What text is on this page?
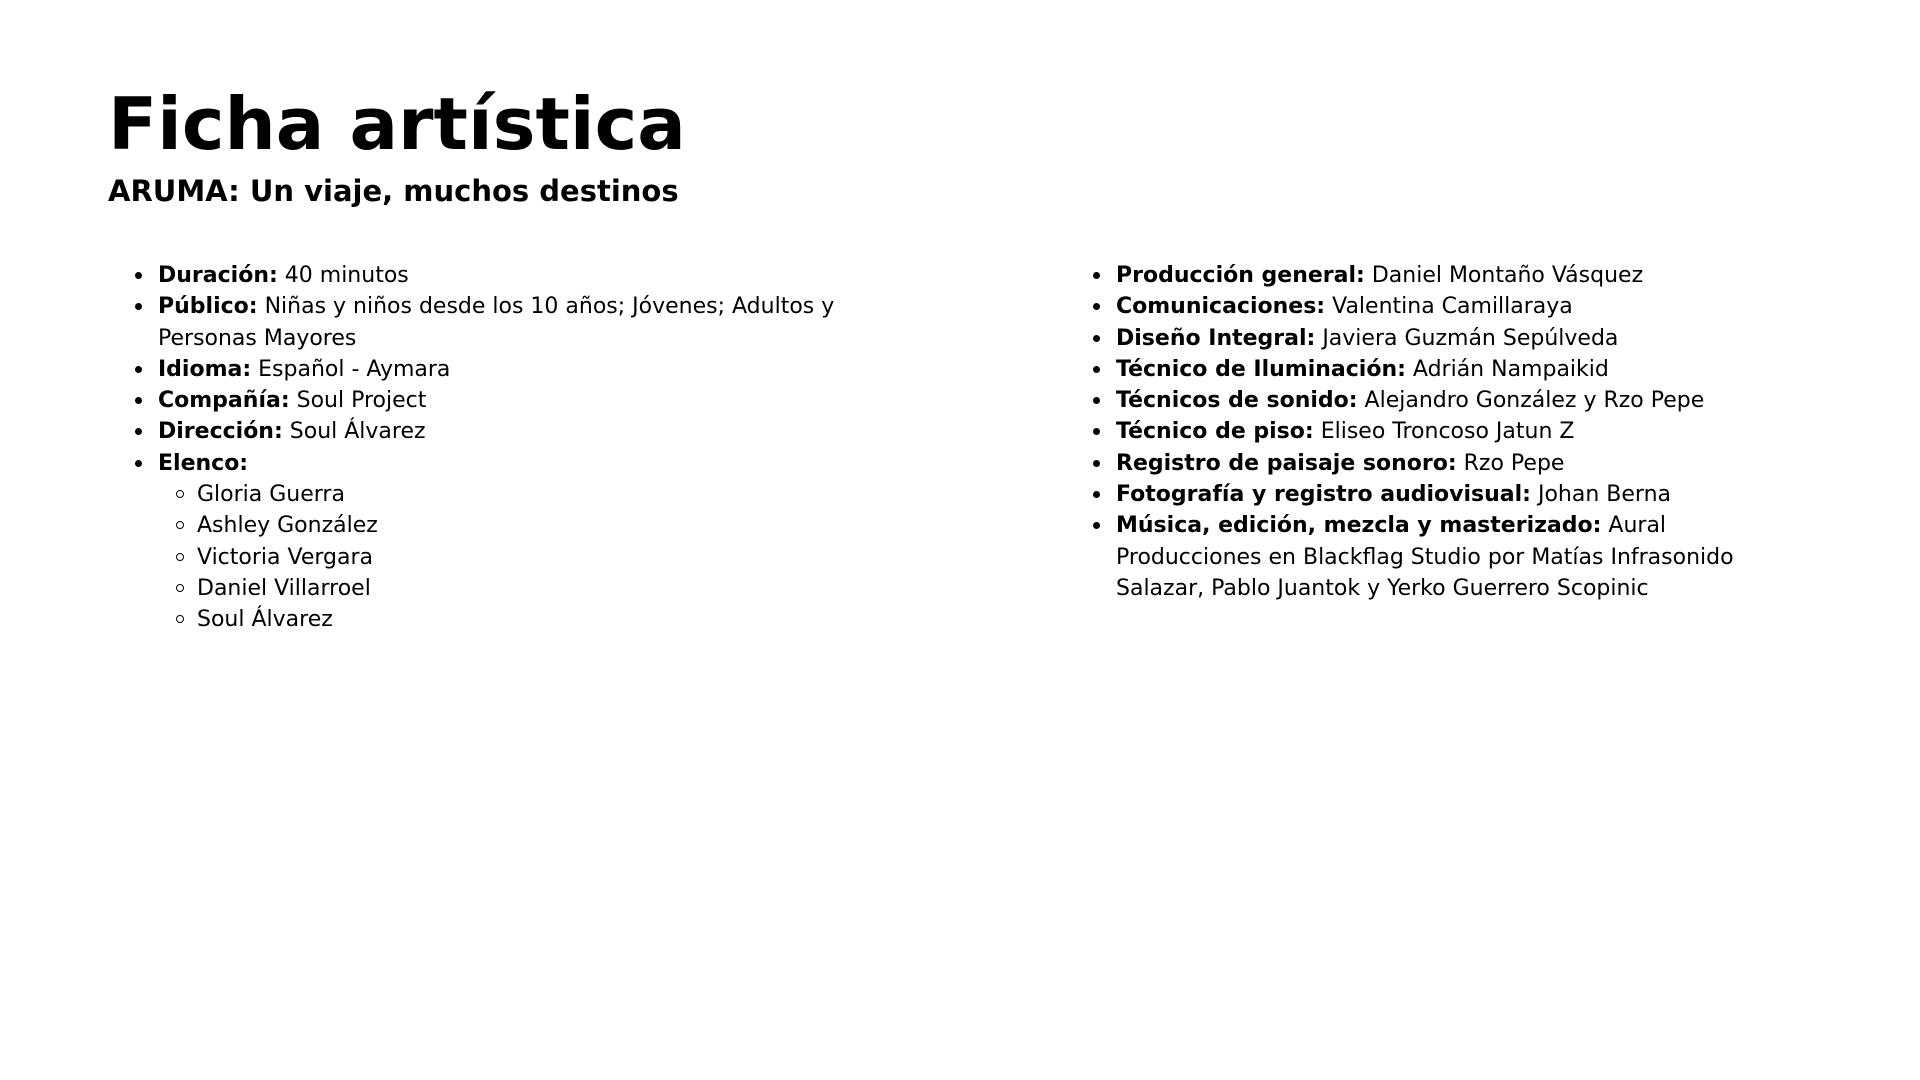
Ficha artística
ARUMA: Un viaje, muchos destinos
Duración: 40 minutos
Público: Niñas y niños desde los 10 años; Jóvenes; Adultos y Personas Mayores
Idioma: Español - Aymara
Compañía: Soul Project
Dirección: Soul Álvarez
Elenco:
Gloria Guerra
Ashley González
Victoria Vergara
Daniel Villarroel
Soul Álvarez
Producción general: Daniel Montaño Vásquez
Comunicaciones: Valentina Camillaraya
Diseño Integral: Javiera Guzmán Sepúlveda
Técnico de Iluminación: Adrián Nampaikid
Técnicos de sonido: Alejandro González y Rzo Pepe
Técnico de piso: Eliseo Troncoso Jatun Z
Registro de paisaje sonoro: Rzo Pepe
Fotografía y registro audiovisual: Johan Berna
Música, edición, mezcla y masterizado: Aural Producciones en Blackflag Studio por Matías Infrasonido Salazar, Pablo Juantok y Yerko Guerrero Scopinic
